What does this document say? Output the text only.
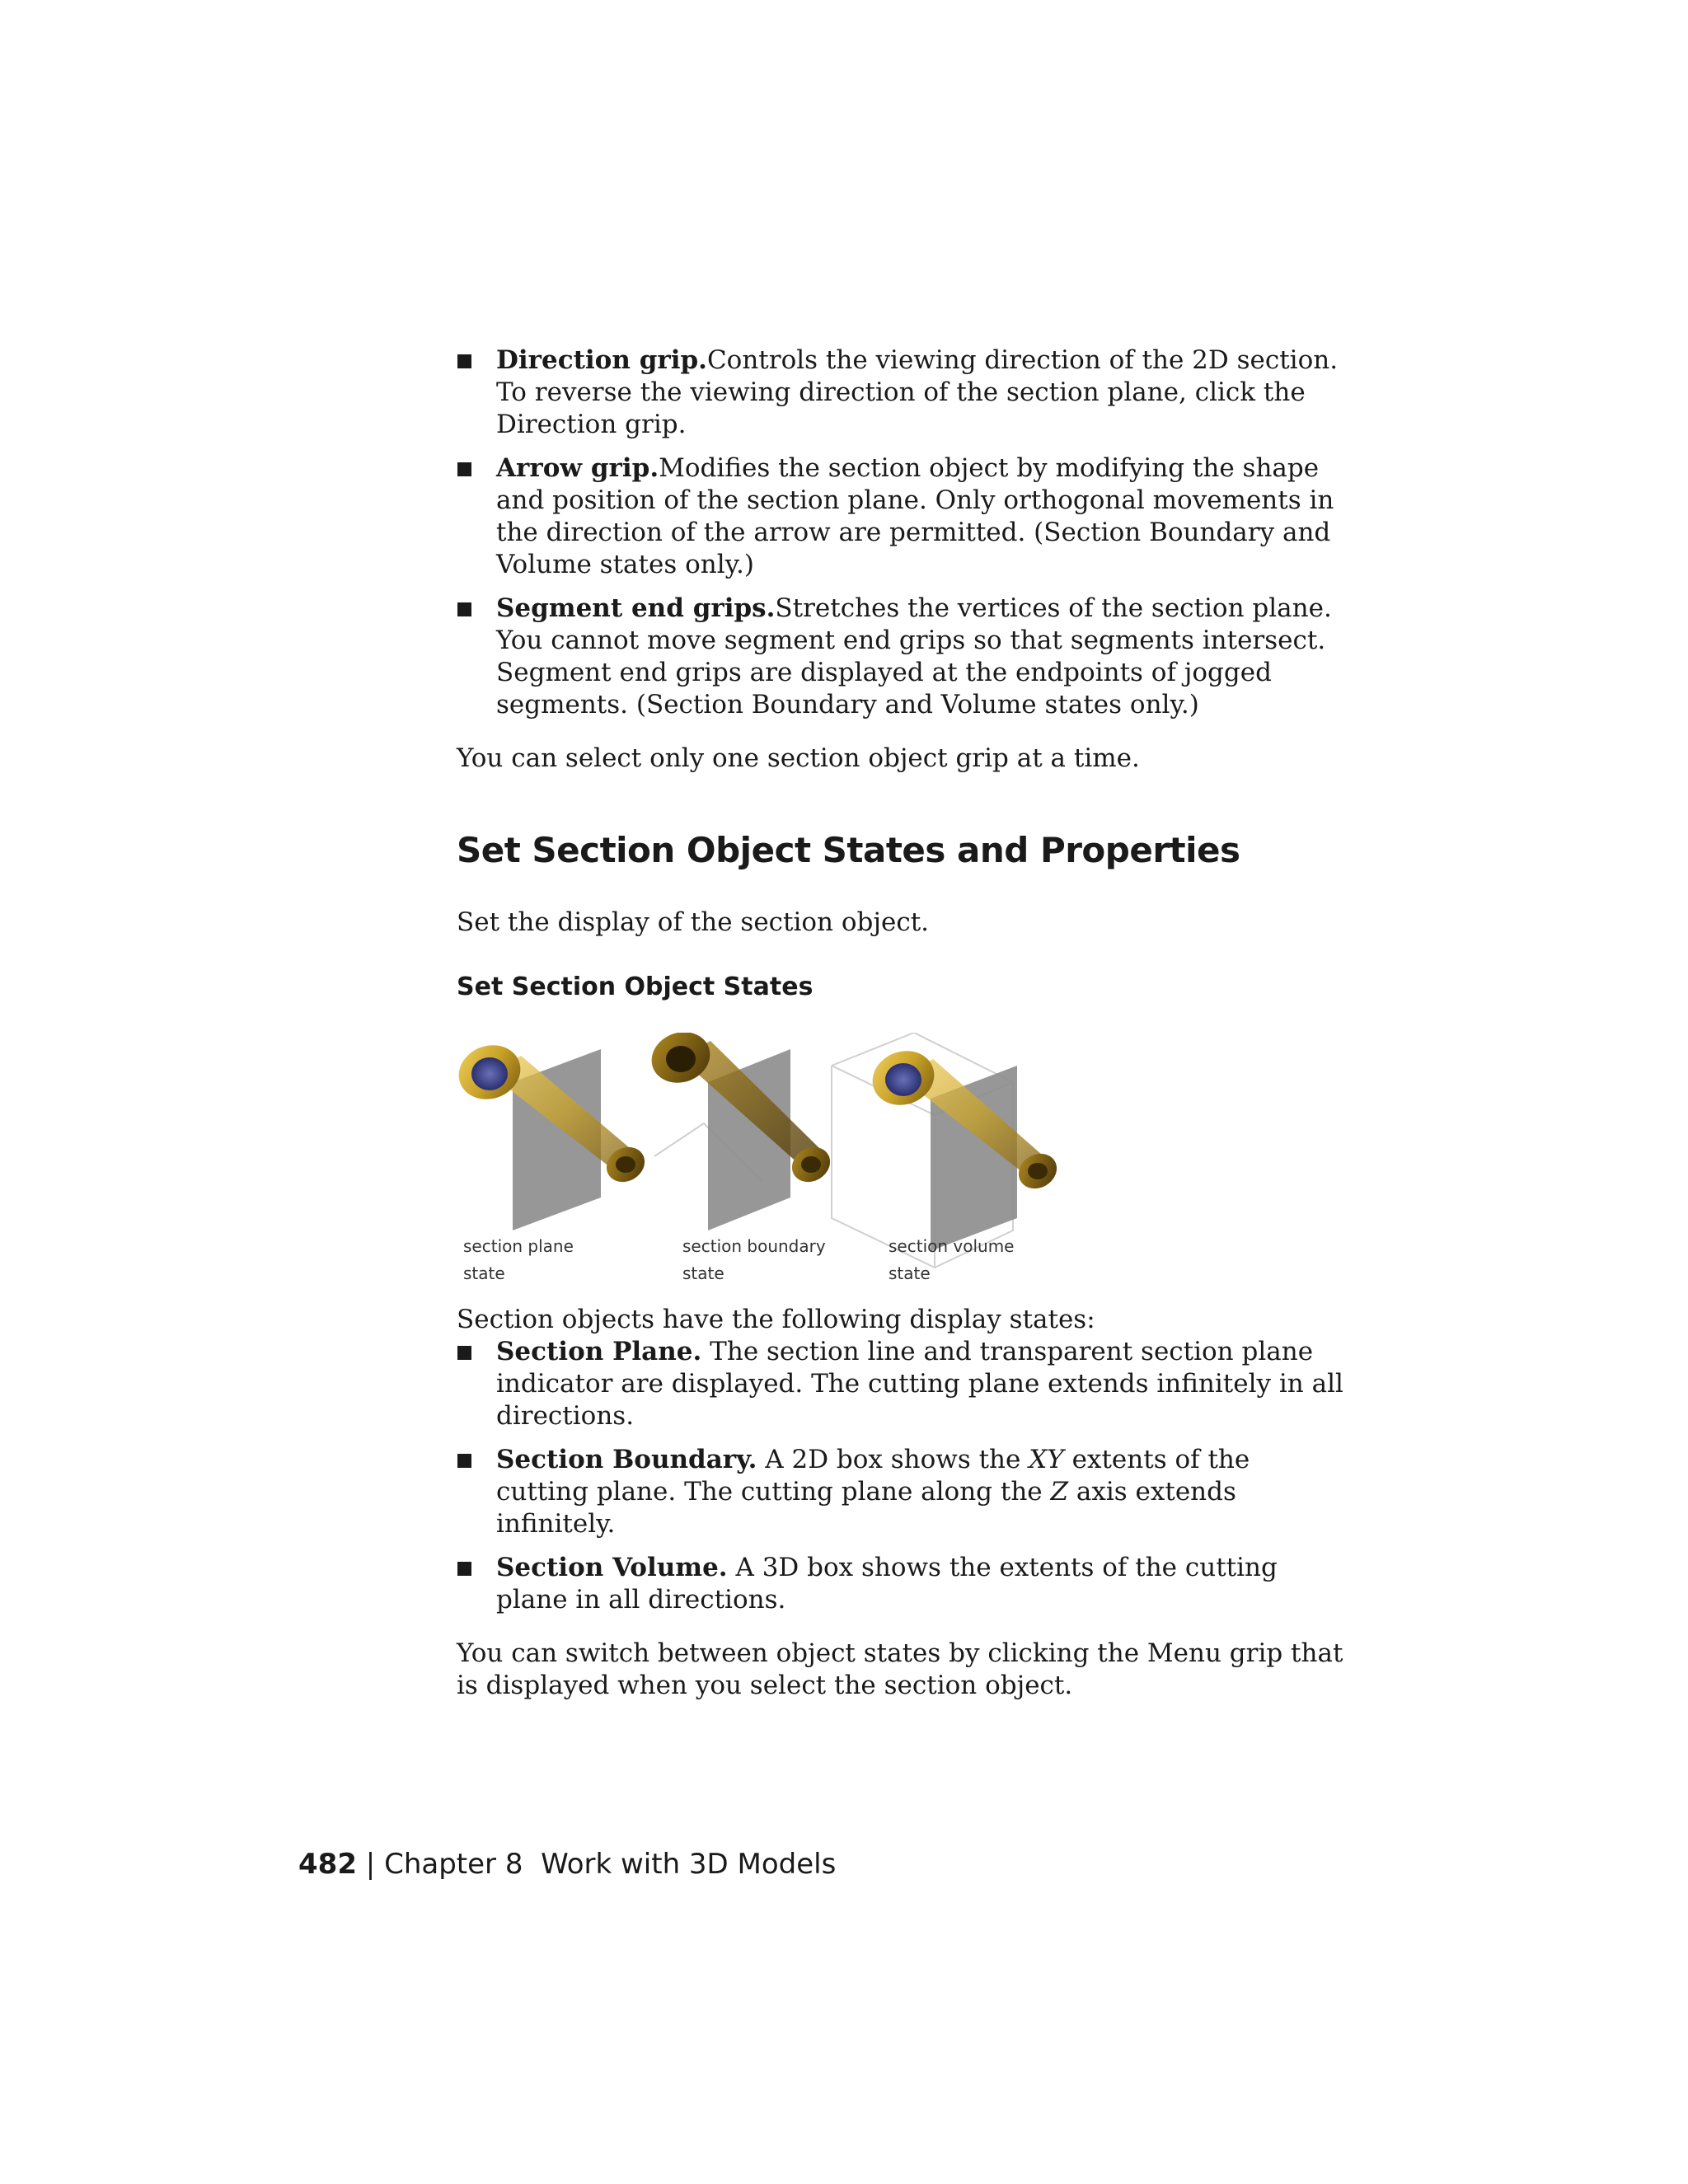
Direction grip.Controls the viewing direction of the 2D section. To reverse the viewing direction of the section plane, click the Direction grip.
Arrow grip.Modifies the section object by modifying the shape and position of the section plane. Only orthogonal movements in the direction of the arrow are permitted. (Section Boundary and Volume states only.)
Segment end grips.Stretches the vertices of the section plane. You cannot move segment end grips so that segments intersect. Segment end grips are displayed at the endpoints of jogged segments. (Section Boundary and Volume states only.)

You can select only one section object grip at a time.

Set Section Object States and Properties

Set the display of the section object.

Set Section Object States
section plane
state
section boundary
state
section volume
state

Section objects have the following display states:

Section Plane. The section line and transparent section plane indicator are displayed. The cutting plane extends infinitely in all directions.
Section Boundary. A 2D box shows the XY extents of the cutting plane. The cutting plane along the Z axis extends infinitely.
Section Volume. A 3D box shows the extents of the cutting plane in all directions.

You can switch between object states by clicking the Menu grip that is displayed when you select the section object.

482 | Chapter 8 Work with 3D Models
